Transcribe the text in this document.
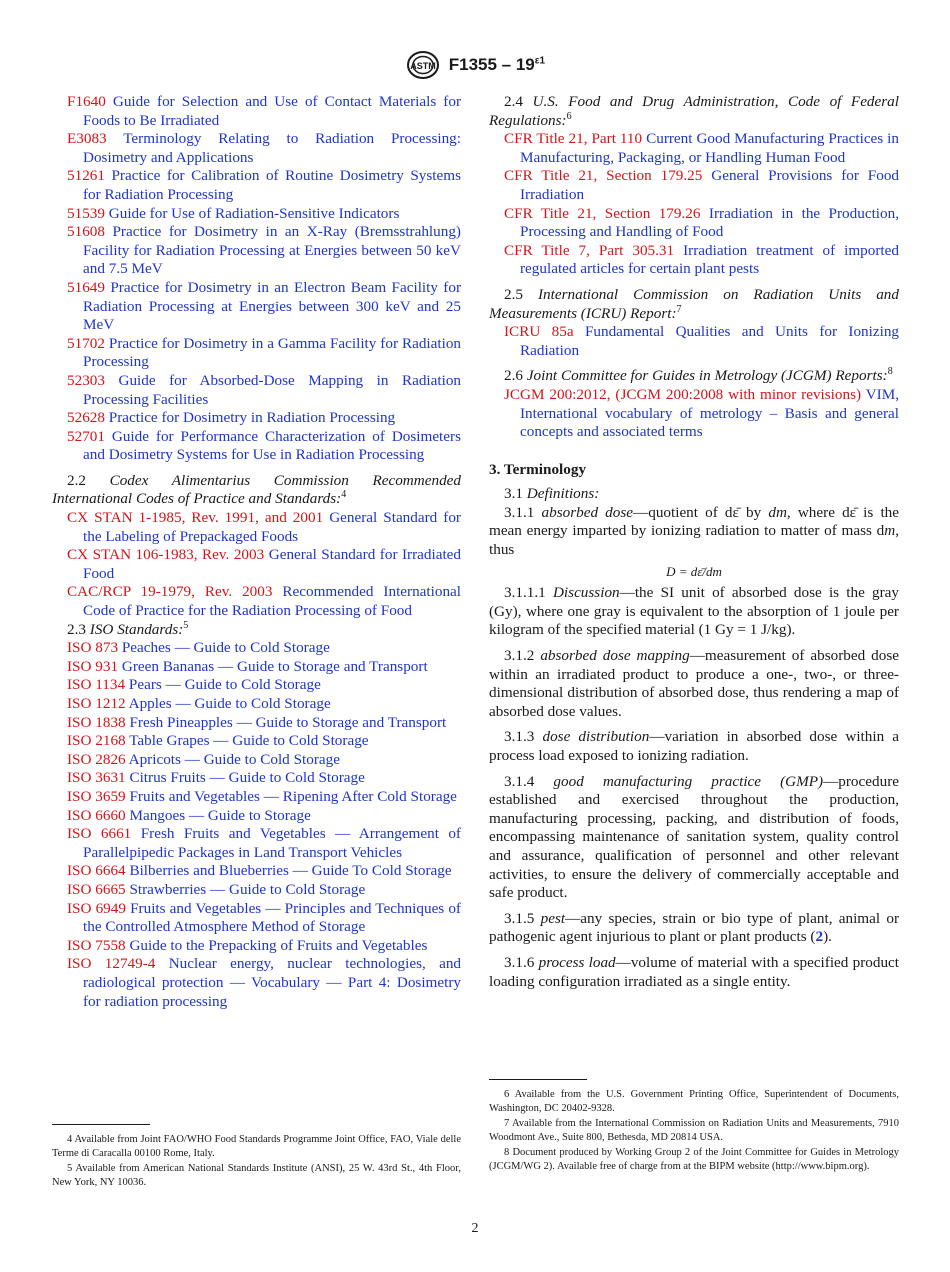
ASTM $F1355 - 19^{\varepsilon 1}$

F1640 Guide for Selection and Use of Contact Materials for Foods to Be Irradiated

E3083 Terminology Relating to Radiation Processing: Dosimetry and Applications

51261 Practice for Calibration of Routine Dosimetry Systems for Radiation Processing

51539 Guide for Use of Radiation-Sensitive Indicators

51608 Practice for Dosimetry in an X-Ray (Bremsstrahlung) Facility for Radiation Processing at Energies between 50 keV and 7.5 MeV

51649 Practice for Dosimetry in an Electron Beam Facility for Radiation Processing at Energies between 300 keV and 25 MeV

51702 Practice for Dosimetry in a Gamma Facility for Radiation Processing

52303 Guide for Absorbed-Dose Mapping in Radiation Processing Facilities

52628 Practice for Dosimetry in Radiation Processing

52701 Guide for Performance Characterization of Dosimeters and Dosimetry Systems for Use in Radiation Processing

2.2 Codex Alimentarius Commission Recommended International Codes of Practice and Standards:$^4$

CX STAN 1-1985, Rev. 1991, and 2001 General Standard for the Labeling of Prepackaged Foods

CX STAN 106-1983, Rev. 2003 General Standard for Irradiated Food

CAC/RCP 19-1979, Rev. 2003 Recommended International Code of Practice for the Radiation Processing of Food

2.3 ISO Standards:$^5$

ISO 873 Peaches — Guide to Cold Storage

ISO 931 Green Bananas — Guide to Storage and Transport

ISO 1134 Pears — Guide to Cold Storage

ISO 1212 Apples — Guide to Cold Storage

ISO 1838 Fresh Pineapples — Guide to Storage and Transport

ISO 2168 Table Grapes — Guide to Cold Storage

ISO 2826 Apricots — Guide to Cold Storage

ISO 3631 Citrus Fruits — Guide to Cold Storage

ISO 3659 Fruits and Vegetables — Ripening After Cold Storage

ISO 6660 Mangoes — Guide to Storage

ISO 6661 Fresh Fruits and Vegetables — Arrangement of Parallelpipedic Packages in Land Transport Vehicles

ISO 6664 Bilberries and Blueberries — Guide To Cold Storage

ISO 6665 Strawberries — Guide to Cold Storage

ISO 6949 Fruits and Vegetables — Principles and Techniques of the Controlled Atmosphere Method of Storage

ISO 7558 Guide to the Prepacking of Fruits and Vegetables

ISO 12749-4 Nuclear energy, nuclear technologies, and radiological protection — Vocabulary — Part 4: Dosimetry for radiation processing

4 Available from Joint FAO/WHO Food Standards Programme Joint Office, FAO, Viale delle Terme di Caracalla 00100 Rome, Italy.

5 Available from American National Standards Institute (ANSI), 25 W. 43rd St., 4th Floor, New York, NY 10036.

2.4 U.S. Food and Drug Administration, Code of Federal Regulations:$^6$

CFR Title 21, Part 110 Current Good Manufacturing Practices in Manufacturing, Packaging, or Handling Human Food

CFR Title 21, Section 179.25 General Provisions for Food Irradiation

CFR Title 21, Section 179.26 Irradiation in the Production, Processing and Handling of Food

CFR Title 7, Part 305.31 Irradiation treatment of imported regulated articles for certain plant pests

2.5 International Commission on Radiation Units and Measurements (ICRU) Report:$^7$

ICRU 85a Fundamental Qualities and Units for Ionizing Radiation

2.6 Joint Committee for Guides in Metrology (JCGM) Reports:$^8$

JCGM 200:2012, (JCGM 200:2008 with minor revisions) VIM, International vocabulary of metrology – Basis and general concepts and associated terms

3. Terminology

3.1 Definitions:

3.1.1 absorbed dose—quotient of dε̄ by dm, where dε̄ is the mean energy imparted by ionizing radiation to matter of mass dm, thus

D = dε̄/dm

3.1.1.1 Discussion—the SI unit of absorbed dose is the gray (Gy), where one gray is equivalent to the absorption of 1 joule per kilogram of the specified material (1 Gy = 1 J/kg).

3.1.2 absorbed dose mapping—measurement of absorbed dose within an irradiated product to produce a one-, two-, or three-dimensional distribution of absorbed dose, thus rendering a map of absorbed dose values.

3.1.3 dose distribution—variation in absorbed dose within a process load exposed to ionizing radiation.

3.1.4 good manufacturing practice (GMP)—procedure established and exercised throughout the production, manufacturing processing, packing, and distribution of foods, encompassing maintenance of sanitation system, quality control and assurance, qualification of personnel and other relevant activities, to ensure the delivery of commercially acceptable and safe product.

3.1.5 pest—any species, strain or bio type of plant, animal or pathogenic agent injurious to plant or plant products (2).

3.1.6 process load—volume of material with a specified product loading configuration irradiated as a single entity.

6 Available from the U.S. Government Printing Office, Superintendent of Documents, Washington, DC 20402-9328.

7 Available from the International Commission on Radiation Units and Measurements, 7910 Woodmont Ave., Suite 800, Bethesda, MD 20814 USA.

8 Document produced by Working Group 2 of the Joint Committee for Guides in Metrology (JCGM/WG 2). Available free of charge from at the BIPM website (http://www.bipm.org).

2
